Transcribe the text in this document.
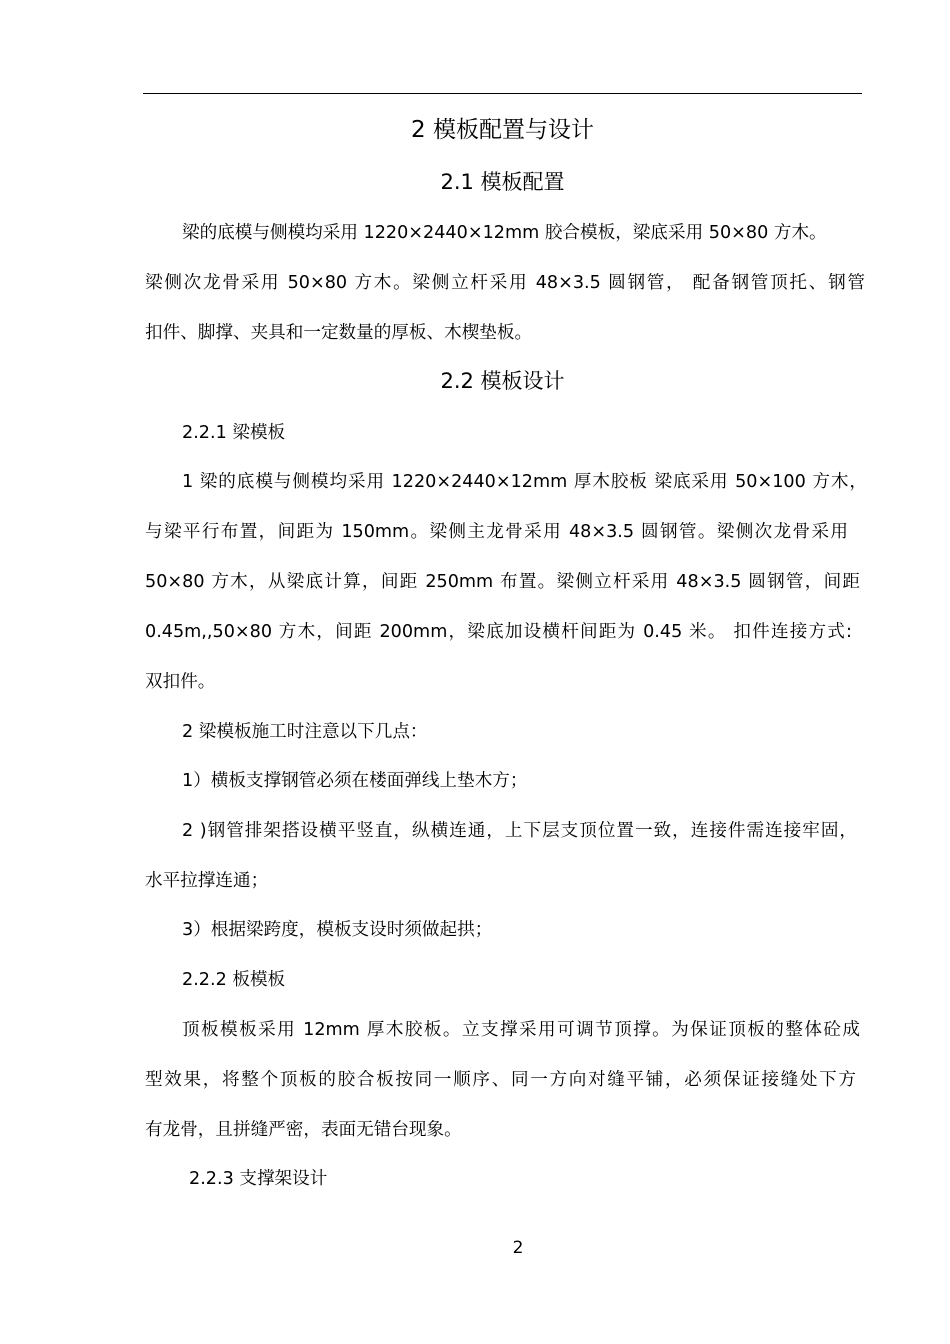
2 模板配置与设计
2.1 模板配置
梁的底模与侧模均采用 1220×2440×12mm 胶合模板，梁底采用 50×80 方木。
梁侧次龙骨采用 50×80 方木。梁侧立杆采用 48×3.5 圆钢管， 配备钢管顶托、钢管
扣件、脚撑、夹具和一定数量的厚板、木楔垫板。
2.2 模板设计
2.2.1 梁模板
1 梁的底模与侧模均采用 1220×2440×12mm 厚木胶板 梁底采用 50×100 方木，
与梁平行布置，间距为 150mm。梁侧主龙骨采用 48×3.5 圆钢管。梁侧次龙骨采用
50×80 方木，从梁底计算，间距 250mm 布置。梁侧立杆采用 48×3.5 圆钢管，间距
0.45m,,50×80 方木，间距 200mm，梁底加设横杆间距为 0.45 米。 扣件连接方式:
双扣件。
2 梁模板施工时注意以下几点：
1）横板支撑钢管必须在楼面弹线上垫木方；
2 )钢管排架搭设横平竖直，纵横连通，上下层支顶位置一致，连接件需连接牢固，
水平拉撑连通；
3）根据梁跨度，模板支设时须做起拱；
2.2.2 板模板
顶板模板采用 12mm 厚木胶板。立支撑采用可调节顶撑。为保证顶板的整体砼成
型效果，将整个顶板的胶合板按同一顺序、同一方向对缝平铺，必须保证接缝处下方
有龙骨，且拼缝严密，表面无错台现象。
2.2.3 支撑架设计
2
